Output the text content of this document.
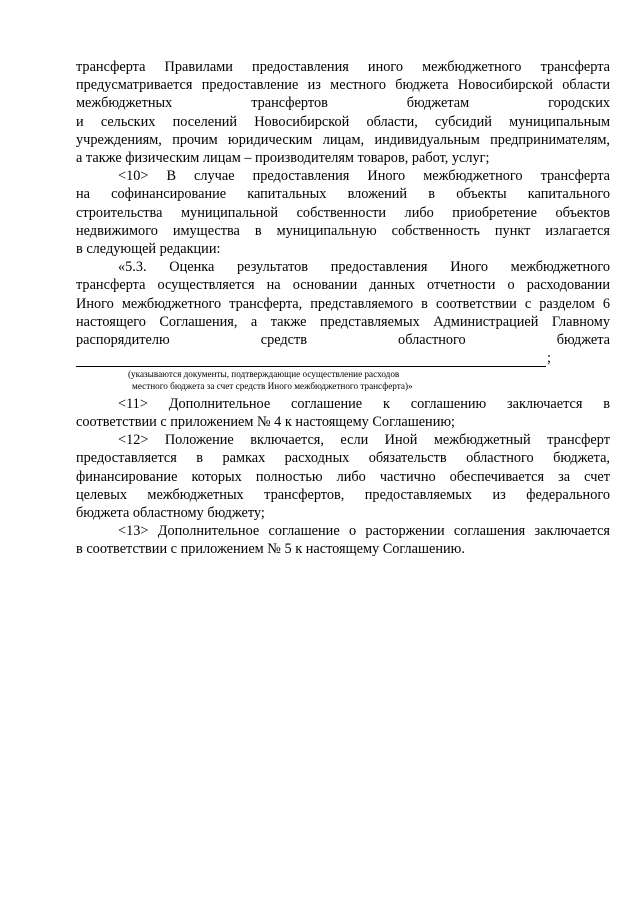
трансферта Правилами предоставления иного межбюджетного трансферта

предусматривается предоставление из местного бюджета Новосибирской области

межбюджетных трансфертов бюджетам городских

и сельских поселений Новосибирской области, субсидий муниципальным

учреждениям, прочим юридическим лицам, индивидуальным предпринимателям,

а также физическим лицам – производителям товаров, работ, услуг;

<10> В случае предоставления Иного межбюджетного трансферта

на софинансирование капитальных вложений в объекты капитального

строительства муниципальной собственности либо приобретение объектов

недвижимого имущества в муниципальную собственность пункт излагается

в следующей редакции:

«5.3. Оценка результатов предоставления Иного межбюджетного

трансферта осуществляется на основании данных отчетности о расходовании

Иного межбюджетного трансферта, представляемого в соответствии с разделом 6

настоящего Соглашения, а также представляемых Администрацией Главному

распорядителю средств областного бюджета

;
(указываются документы, подтверждающие осуществление расходов
местного бюджета за счет средств Иного межбюджетного трансферта)»

<11> Дополнительное соглашение к соглашению заключается в

соответствии с приложением № 4 к настоящему Соглашению;

<12> Положение включается, если Иной межбюджетный трансферт

предоставляется в рамках расходных обязательств областного бюджета,

финансирование которых полностью либо частично обеспечивается за счет

целевых межбюджетных трансфертов, предоставляемых из федерального

бюджета областному бюджету;

<13> Дополнительное соглашение о расторжении соглашения заключается

в соответствии с приложением № 5 к настоящему Соглашению.
